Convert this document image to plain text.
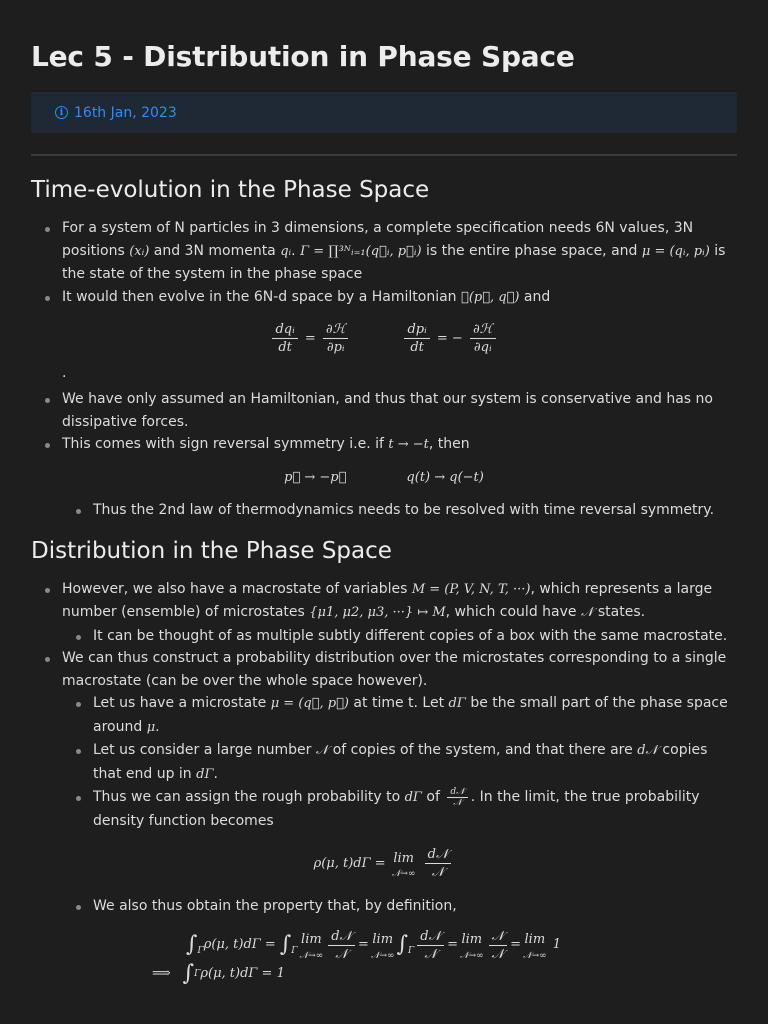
Lec 5 - Distribution in Phase Space
i 16th Jan, 2023
Time-evolution in the Phase Space
For a system of N particles in 3 dimensions, a complete specification needs 6N values, 3N positions (xᵢ) and 3N momenta qᵢ. Γ = ∏³ᴺᵢ₌₁(q⃗ᵢ, p⃗ᵢ) is the entire phase space, and μ = (qᵢ, pᵢ) is the state of the system in the phase space
It would then evolve in the 6N-d space by a Hamiltonian ℋ(p⃗, q⃗) and
$\frac{\text{dqᵢ}}{dt} = \frac{\text{∂ℋ}}{\text{∂pᵢ}}$	$\frac{\text{dpᵢ}}{dt}$ = − $\frac{\text{∂ℋ}}{\text{∂qᵢ}}$
.
We have only assumed an Hamiltonian, and thus that our system is conservative and has no dissipative forces.
This comes with sign reversal symmetry i.e. if t → −t, then
p⃗ → −p⃗	q(t) → q(−t)
Thus the 2nd law of thermodynamics needs to be resolved with time reversal symmetry.
Distribution in the Phase Space
However, we also have a macrostate of variables M = (P, V, N, T, ···), which represents a large number (ensemble) of microstates {μ1, μ2, μ3, ···} ↦ M, which could have 𝒩 states.
It can be thought of as multiple subtly different copies of a box with the same macrostate.
We can thus construct a probability distribution over the microstates corresponding to a single macrostate (can be over the whole space however).
Let us have a microstate μ = (q⃗, p⃗) at time t. Let dΓ be the small part of the phase space around μ.
Let us consider a large number 𝒩 of copies of the system, and that there are d𝒩 copies that end up in dΓ.
Thus we can assign the rough probability to dΓ of $\frac{\text{d𝒩}}{\text{𝒩}}$ . In the limit, the true probability density function becomes
ρ(μ, t)dΓ = lim
𝒩→∞
$\frac{\text{d𝒩}}{\text{𝒩}}$
We also thus obtain the property that, by definition,
∫ Γ ρ(μ, t)dΓ = ∫ Γ
lim
𝒩→∞ $\frac{\text{d𝒩}}{\text{𝒩}} = \lim$
𝒩→∞ ∫ Γ $\frac{\text{d𝒩}}{\text{𝒩}} = \lim$
𝒩→∞ $\frac{\text{𝒩}}{\text{𝒩}} = \lim$
𝒩→∞
1
⟹ ∫ Γ ρ(μ, t)dΓ = 1
